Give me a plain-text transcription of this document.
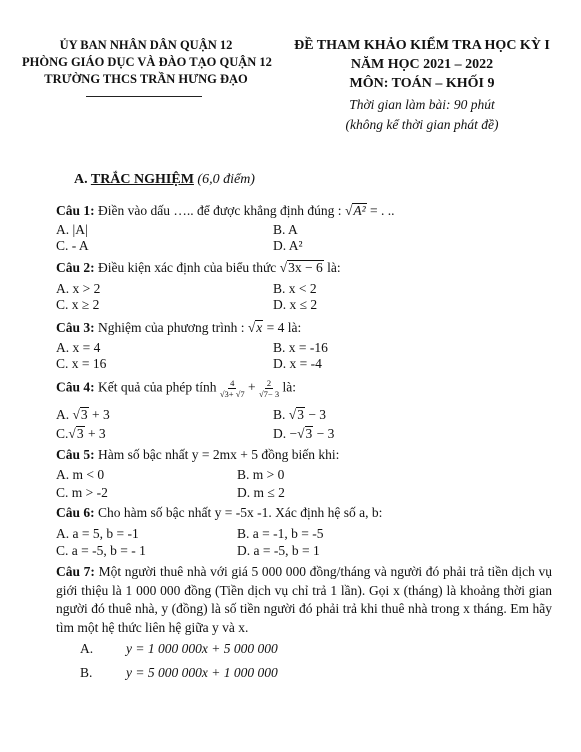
ỦY BAN NHÂN DÂN QUẬN 12
PHÒNG GIÁO DỤC VÀ ĐÀO TẠO QUẬN 12
TRƯỜNG THCS TRẦN HƯNG ĐẠO
ĐỀ THAM KHẢO KIỂM TRA HỌC KỲ I
NĂM HỌC 2021 – 2022
MÔN: TOÁN – KHỐI 9
Thời gian làm bài: 90 phút
(không kể thời gian phát đề)
A. TRẮC NGHIỆM (6,0 điểm)
Câu 1: Điền vào dấu ….. để được khẳng định đúng : √A² = . ..
A. |A|	B. A
C. - A	D. A²
Câu 2: Điều kiện xác định của biểu thức √3x − 6 là:
A. x > 2	B. x < 2
C. x ≥ 2	D. x ≤ 2
Câu 3: Nghiệm của phương trình : √x = 4 là:
A. x = 4	B. x = -16
C. x = 16	D. x = -4
Câu 4: Kết quả của phép tính $\frac{4}{√3+ √7} + \frac{2}{√7- 3}$ là:
A. √3 + 3	B. √3 − 3
C.√3 + 3	D. −√3 − 3
Câu 5: Hàm số bậc nhất y = 2mx + 5 đồng biến khi:
A. m < 0	B. m > 0
C. m > -2	D. m ≤ 2
Câu 6: Cho hàm số bậc nhất y = -5x -1. Xác định hệ số a, b:
A. a = 5, b = -1	B. a = -1, b = -5
C. a = -5, b = - 1	D. a = -5, b = 1
Câu 7: Một người thuê nhà với giá 5 000 000 đồng/tháng và người đó phải trả tiền dịch vụ giới thiệu là 1 000 000 đồng (Tiền dịch vụ chỉ trả 1 lần). Gọi x (tháng) là khoảng thời gian người đó thuê nhà, y (đồng) là số tiền người đó phải trả khi thuê nhà trong x tháng. Em hãy tìm một hệ thức liên hệ giữa y và x.
A. y = 1 000 000x + 5 000 000
B. y = 5 000 000x + 1 000 000
